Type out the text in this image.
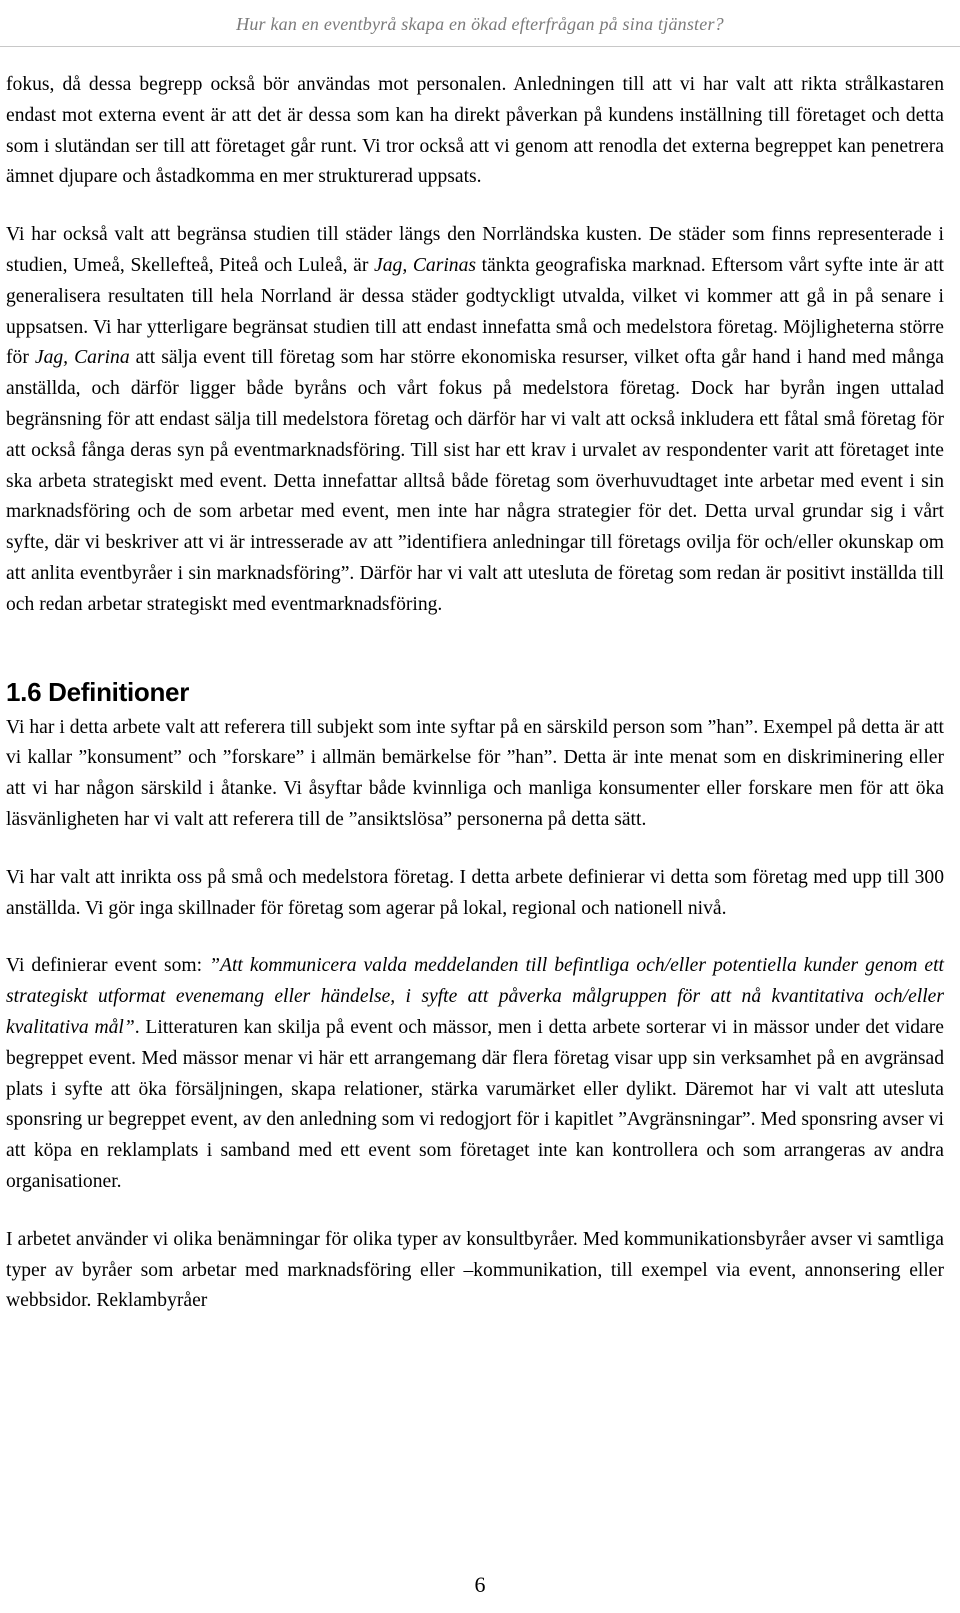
Hur kan en eventbyrå skapa en ökad efterfrågan på sina tjänster?

fokus, då dessa begrepp också bör användas mot personalen. Anledningen till att vi har valt att rikta strålkastaren endast mot externa event är att det är dessa som kan ha direkt påverkan på kundens inställning till företaget och detta som i slutändan ser till att företaget går runt. Vi tror också att vi genom att renodla det externa begreppet kan penetrera ämnet djupare och åstadkomma en mer strukturerad uppsats.

Vi har också valt att begränsa studien till städer längs den Norrländska kusten. De städer som finns representerade i studien, Umeå, Skellefteå, Piteå och Luleå, är Jag, Carinas tänkta geografiska marknad. Eftersom vårt syfte inte är att generalisera resultaten till hela Norrland är dessa städer godtyckligt utvalda, vilket vi kommer att gå in på senare i uppsatsen. Vi har ytterligare begränsat studien till att endast innefatta små och medelstora företag. Möjligheterna större för Jag, Carina att sälja event till företag som har större ekonomiska resurser, vilket ofta går hand i hand med många anställda, och därför ligger både byråns och vårt fokus på medelstora företag. Dock har byrån ingen uttalad begränsning för att endast sälja till medelstora företag och därför har vi valt att också inkludera ett fåtal små företag för att också fånga deras syn på eventmarknadsföring. Till sist har ett krav i urvalet av respondenter varit att företaget inte ska arbeta strategiskt med event. Detta innefattar alltså både företag som överhuvudtaget inte arbetar med event i sin marknadsföring och de som arbetar med event, men inte har några strategier för det. Detta urval grundar sig i vårt syfte, där vi beskriver att vi är intresserade av att ”identifiera anledningar till företags ovilja för och/eller okunskap om att anlita eventbyråer i sin marknadsföring”. Därför har vi valt att utesluta de företag som redan är positivt inställda till och redan arbetar strategiskt med eventmarknadsföring.

1.6 Definitioner

Vi har i detta arbete valt att referera till subjekt som inte syftar på en särskild person som ”han”. Exempel på detta är att vi kallar ”konsument” och ”forskare” i allmän bemärkelse för ”han”. Detta är inte menat som en diskriminering eller att vi har någon särskild i åtanke. Vi åsyftar både kvinnliga och manliga konsumenter eller forskare men för att öka läsvänligheten har vi valt att referera till de ”ansiktslösa” personerna på detta sätt.

Vi har valt att inrikta oss på små och medelstora företag. I detta arbete definierar vi detta som företag med upp till 300 anställda. Vi gör inga skillnader för företag som agerar på lokal, regional och nationell nivå.

Vi definierar event som: ”Att kommunicera valda meddelanden till befintliga och/eller potentiella kunder genom ett strategiskt utformat evenemang eller händelse, i syfte att påverka målgruppen för att nå kvantitativa och/eller kvalitativa mål”. Litteraturen kan skilja på event och mässor, men i detta arbete sorterar vi in mässor under det vidare begreppet event. Med mässor menar vi här ett arrangemang där flera företag visar upp sin verksamhet på en avgränsad plats i syfte att öka försäljningen, skapa relationer, stärka varumärket eller dylikt. Däremot har vi valt att utesluta sponsring ur begreppet event, av den anledning som vi redogjort för i kapitlet ”Avgränsningar”. Med sponsring avser vi att köpa en reklamplats i samband med ett event som företaget inte kan kontrollera och som arrangeras av andra organisationer.

I arbetet använder vi olika benämningar för olika typer av konsultbyråer. Med kommunikationsbyråer avser vi samtliga typer av byråer som arbetar med marknadsföring eller –kommunikation, till exempel via event, annonsering eller webbsidor. Reklambyråer

6
